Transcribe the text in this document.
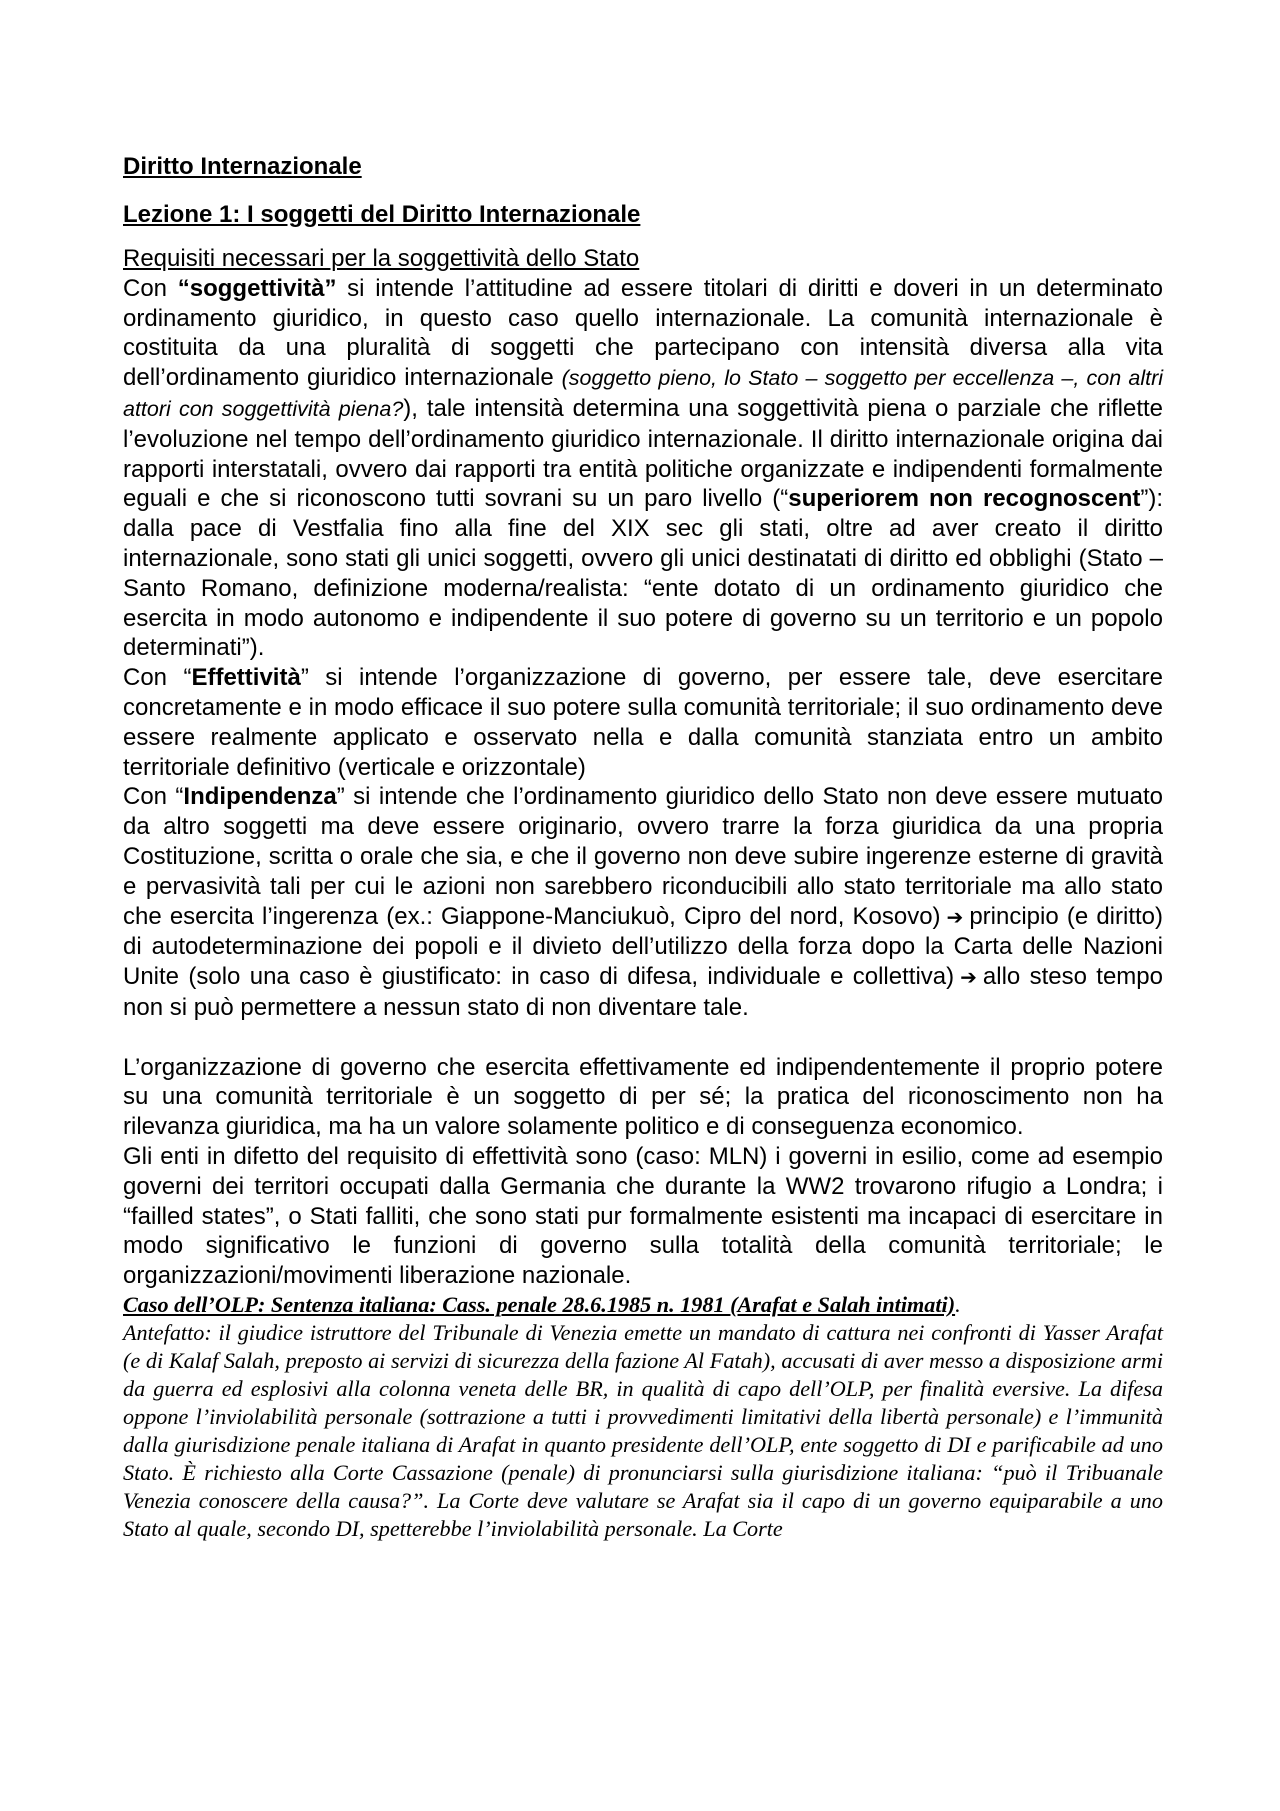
Diritto Internazionale

Lezione 1: I soggetti del Diritto Internazionale

Requisiti necessari per la soggettività dello Stato

Con “soggettività” si intende l’attitudine ad essere titolari di diritti e doveri in un determinato ordinamento giuridico, in questo caso quello internazionale. La comunità internazionale è costituita da una pluralità di soggetti che partecipano con intensità diversa alla vita dell’ordinamento giuridico internazionale (soggetto pieno, lo Stato – soggetto per eccellenza –, con altri attori con soggettività piena?), tale intensità determina una soggettività piena o parziale che riflette l’evoluzione nel tempo dell’ordinamento giuridico internazionale. Il diritto internazionale origina dai rapporti interstatali, ovvero dai rapporti tra entità politiche organizzate e indipendenti formalmente eguali e che si riconoscono tutti sovrani su un paro livello (“superiorem non recognoscent”): dalla pace di Vestfalia fino alla fine del XIX sec gli stati, oltre ad aver creato il diritto internazionale, sono stati gli unici soggetti, ovvero gli unici destinatati di diritto ed obblighi (Stato – Santo Romano, definizione moderna/realista: “ente dotato di un ordinamento giuridico che esercita in modo autonomo e indipendente il suo potere di governo su un territorio e un popolo determinati”).

Con “Effettività” si intende l’organizzazione di governo, per essere tale, deve esercitare concretamente e in modo efficace il suo potere sulla comunità territoriale; il suo ordinamento deve essere realmente applicato e osservato nella e dalla comunità stanziata entro un ambito territoriale definitivo (verticale e orizzontale)

Con “Indipendenza” si intende che l’ordinamento giuridico dello Stato non deve essere mutuato da altro soggetti ma deve essere originario, ovvero trarre la forza giuridica da una propria Costituzione, scritta o orale che sia, e che il governo non deve subire ingerenze esterne di gravità e pervasività tali per cui le azioni non sarebbero riconducibili allo stato territoriale ma allo stato che esercita l’ingerenza (ex.: Giappone-Manciukuò, Cipro del nord, Kosovo) ➔ principio (e diritto) di autodeterminazione dei popoli e il divieto dell’utilizzo della forza dopo la Carta delle Nazioni Unite (solo una caso è giustificato: in caso di difesa, individuale e collettiva) ➔ allo steso tempo non si può permettere a nessun stato di non diventare tale.

L’organizzazione di governo che esercita effettivamente ed indipendentemente il proprio potere su una comunità territoriale è un soggetto di per sé; la pratica del riconoscimento non ha rilevanza giuridica, ma ha un valore solamente politico e di conseguenza economico.

Gli enti in difetto del requisito di effettività sono (caso: MLN) i governi in esilio, come ad esempio governi dei territori occupati dalla Germania che durante la WW2 trovarono rifugio a Londra; i “failled states”, o Stati falliti, che sono stati pur formalmente esistenti ma incapaci di esercitare in modo significativo le funzioni di governo sulla totalità della comunità territoriale; le organizzazioni/movimenti liberazione nazionale.

Caso dell’OLP: Sentenza italiana: Cass. penale 28.6.1985 n. 1981 (Arafat e Salah intimati).
Antefatto: il giudice istruttore del Tribunale di Venezia emette un mandato di cattura nei confronti di Yasser Arafat (e di Kalaf Salah, preposto ai servizi di sicurezza della fazione Al Fatah), accusati di aver messo a disposizione armi da guerra ed esplosivi alla colonna veneta delle BR, in qualità di capo dell’OLP, per finalità eversive. La difesa oppone l’inviolabilità personale (sottrazione a tutti i provvedimenti limitativi della libertà personale) e l’immunità dalla giurisdizione penale italiana di Arafat in quanto presidente dell’OLP, ente soggetto di DI e parificabile ad uno Stato. È richiesto alla Corte Cassazione (penale) di pronunciarsi sulla giurisdizione italiana: “può il Tribuanale Venezia conoscere della causa?”. La Corte deve valutare se Arafat sia il capo di un governo equiparabile a uno Stato al quale, secondo DI, spetterebbe l’inviolabilità personale. La Corte
